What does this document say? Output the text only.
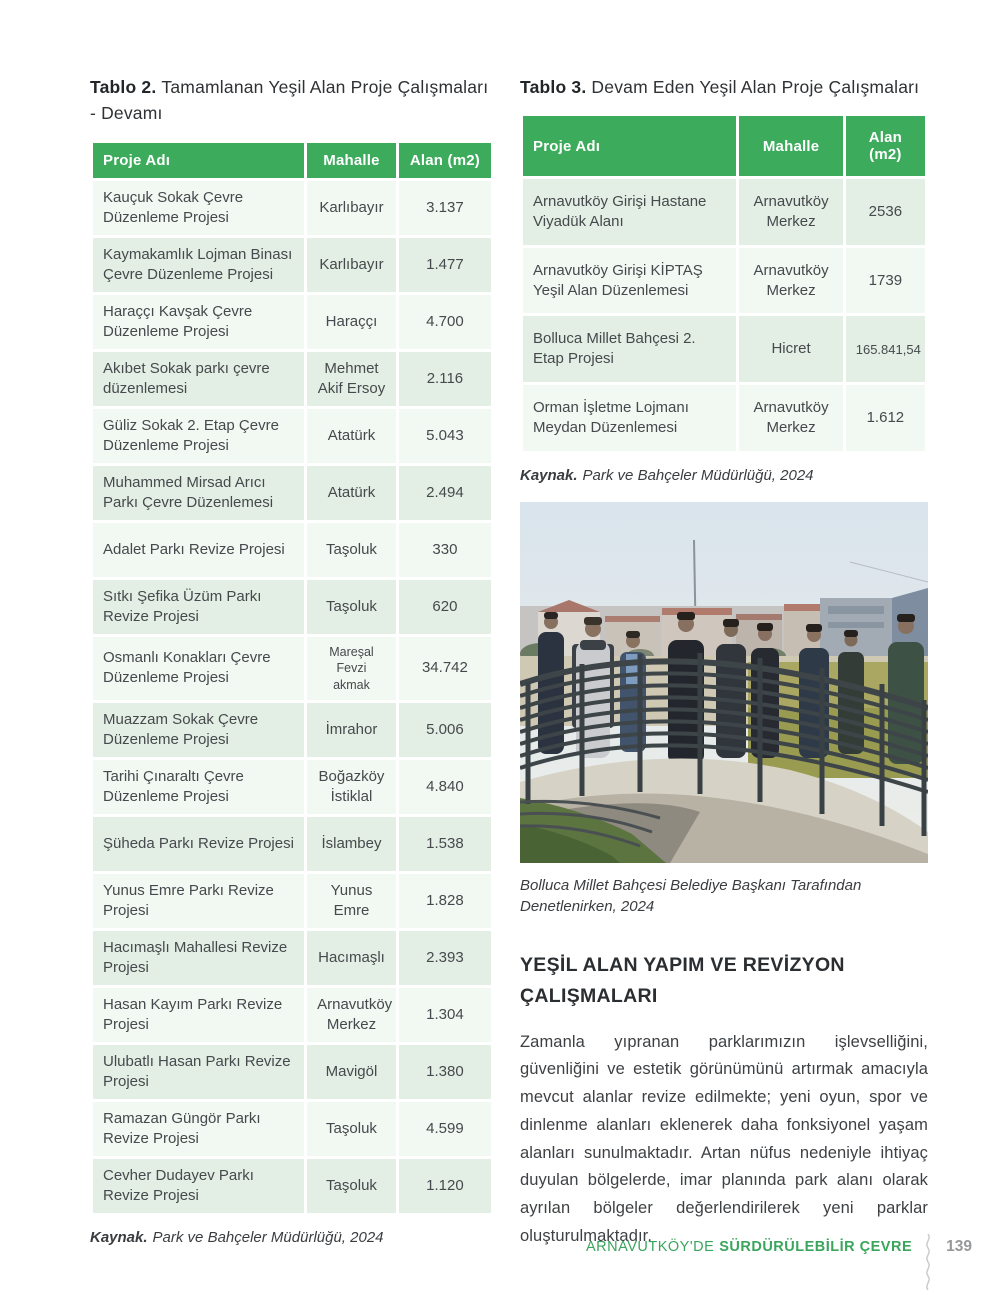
Tablo 2. Tamamlanan Yeşil Alan Proje Çalışmaları - Devamı

Proje Adı	Mahalle	Alan (m2)
Kauçuk Sokak Çevre Düzenleme Projesi	Karlıbayır	3.137
Kaymakamlık Lojman Binası Çevre Düzenleme Projesi	Karlıbayır	1.477
Haraççı Kavşak Çevre Düzenleme Projesi	Haraççı	4.700
Akıbet Sokak parkı çevre düzenlemesi	Mehmet Akif Ersoy	2.116
Güliz Sokak 2. Etap Çevre Düzenleme Projesi	Atatürk	5.043
Muhammed Mirsad Arıcı Parkı Çevre Düzenlemesi	Atatürk	2.494
Adalet Parkı Revize Projesi	Taşoluk	330
Sıtkı Şefika Üzüm Parkı Revize Projesi	Taşoluk	620
Osmanlı Konakları Çevre Düzenleme Projesi	Mareşal Fevzi akmak	34.742
Muazzam Sokak Çevre Düzenleme Projesi	İmrahor	5.006
Tarihi Çınaraltı Çevre Düzenleme Projesi	Boğazköy İstiklal	4.840
Şüheda Parkı Revize Projesi	İslambey	1.538
Yunus Emre Parkı Revize Projesi	Yunus Emre	1.828
Hacımaşlı Mahallesi Revize Projesi	Hacımaşlı	2.393
Hasan Kayım Parkı Revize Projesi	Arnavutköy Merkez	1.304
Ulubatlı Hasan Parkı Revize Projesi	Mavigöl	1.380
Ramazan Güngör Parkı Revize Projesi	Taşoluk	4.599
Cevher Dudayev Parkı Revize Projesi	Taşoluk	1.120

Kaynak. Park ve Bahçeler Müdürlüğü, 2024

Tablo 3. Devam Eden Yeşil Alan Proje Çalışmaları

Proje Adı	Mahalle	Alan (m2)
Arnavutköy Girişi Hastane Viyadük Alanı	Arnavutköy Merkez	2536
Arnavutköy Girişi KİPTAŞ Yeşil Alan Düzenlemesi	Arnavutköy Merkez	1739
Bolluca Millet Bahçesi 2. Etap Projesi	Hicret	165.841,54
Orman İşletme Lojmanı Meydan Düzenlemesi	Arnavutköy Merkez	1.612

Kaynak. Park ve Bahçeler Müdürlüğü, 2024

Bolluca Millet Bahçesi Belediye Başkanı Tarafından Denetlenirken, 2024

YEŞİL ALAN YAPIM VE REVİZYON ÇALIŞMALARI

Zamanla yıpranan parklarımızın işlevselliğini, güvenliğini ve estetik görünümünü artırmak amacıyla mevcut alanlar revize edilmekte; yeni oyun, spor ve dinlenme alanları eklenerek daha fonksiyonel yaşam alanları sunulmaktadır. Artan nüfus nedeniyle ihtiyaç duyulan bölgelerde, imar planında park alanı olarak ayrılan bölgeler değerlendirilerek yeni parklar oluşturulmaktadır.

ARNAVUTKÖY'DE SÜRDÜRÜLEBİLİR ÇEVRE 139
